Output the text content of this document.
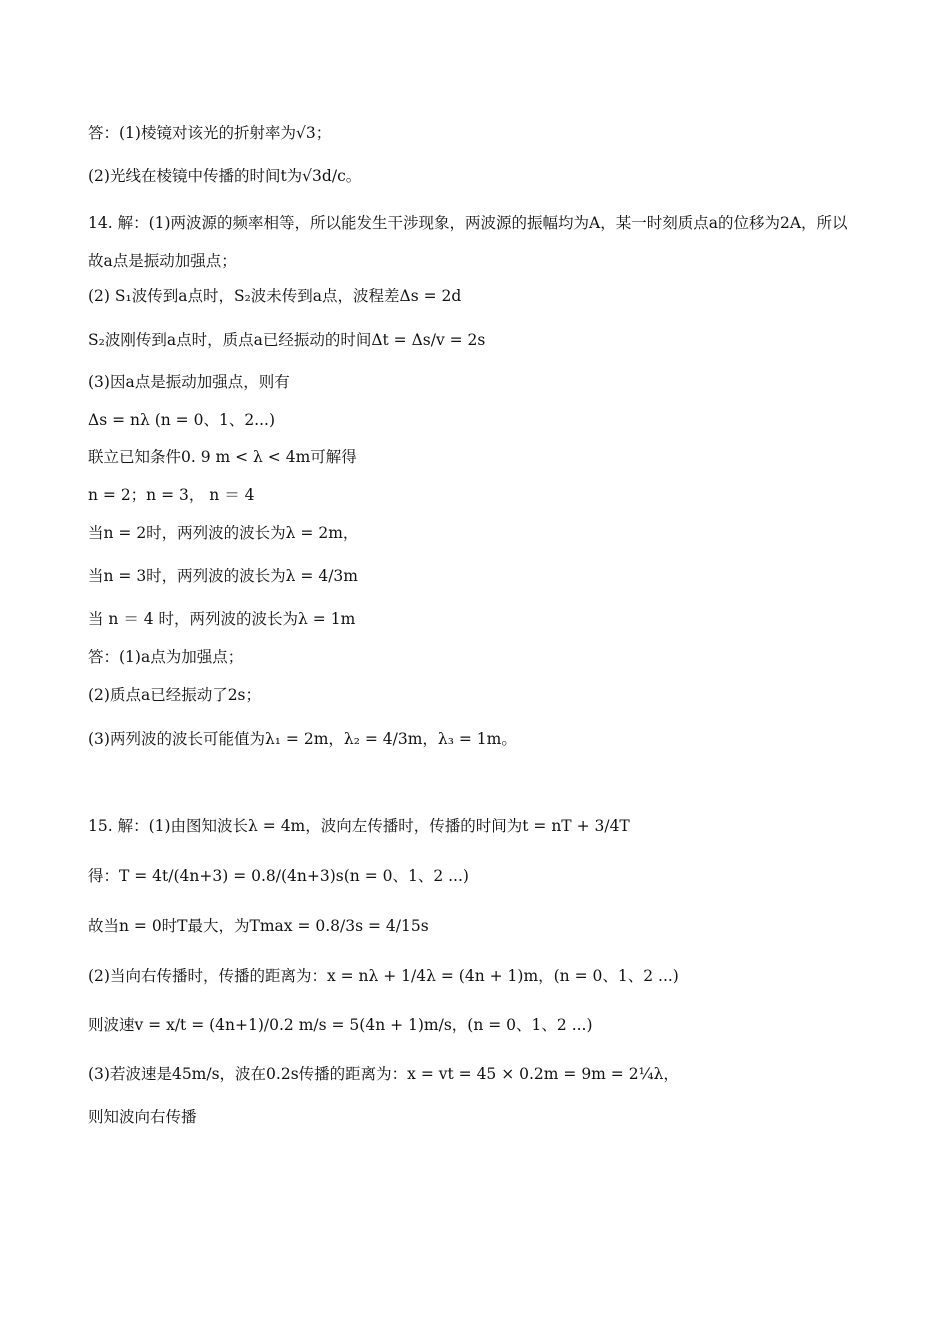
答：(1)棱镜对该光的折射率为√3；
(2)光线在棱镜中传播的时间t为√3d/c。
14. 解：(1)两波源的频率相等，所以能发生干涉现象，两波源的振幅均为A，某一时刻质点a的位移为2A，所以故a点是振动加强点；
(2) S₁波传到a点时，S₂波未传到a点，波程差Δs = 2d
S₂波刚传到a点时，质点a已经振动的时间Δt = Δs/v = 2s
(3)因a点是振动加强点，则有
Δs = nλ (n = 0、1、2...)
联立已知条件0. 9 m < λ < 4m可解得
n = 2；n = 3， n ＝ 4
当n = 2时，两列波的波长为λ = 2m，
当n = 3时，两列波的波长为λ = 4/3m
当 n ＝ 4 时，两列波的波长为λ = 1m
答：(1)a点为加强点；
(2)质点a已经振动了2s；
(3)两列波的波长可能值为λ₁ = 2m，λ₂ = 4/3m，λ₃ = 1m。
15. 解：(1)由图知波长λ = 4m，波向左传播时，传播的时间为t = nT + 3/4T
得：T = 4t/(4n+3) = 0.8/(4n+3)s(n = 0、1、2 ...)
故当n = 0时T最大，为Tmax = 0.8/3s = 4/15s
(2)当向右传播时，传播的距离为：x = nλ + 1/4λ = (4n + 1)m，(n = 0、1、2 ...)
则波速v = x/t = (4n+1)/0.2 m/s = 5(4n + 1)m/s，(n = 0、1、2 ...)
(3)若波速是45m/s，波在0.2s传播的距离为：x = vt = 45 × 0.2m = 9m = 2¼λ，
则知波向右传播
